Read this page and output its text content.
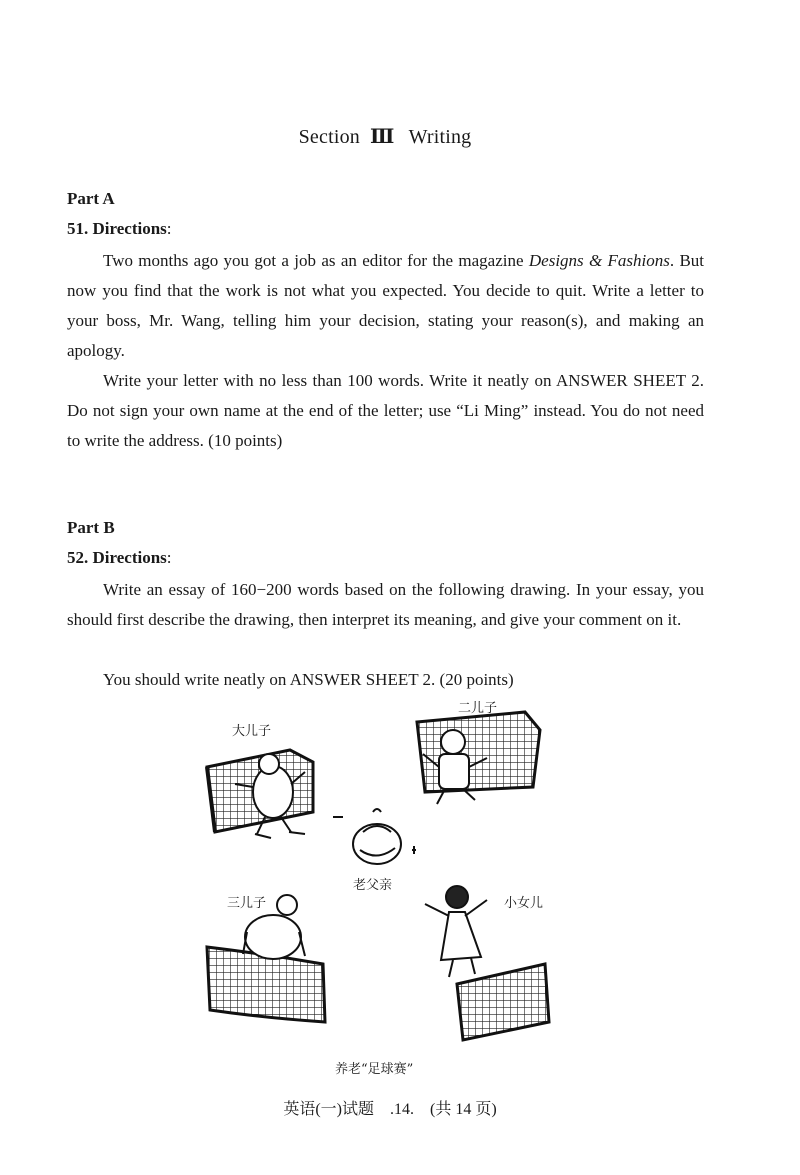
Section Ⅲ Writing
Part A
51. Directions:

Two months ago you got a job as an editor for the magazine Designs & Fashions. But now you find that the work is not what you expected. You decide to quit. Write a letter to your boss, Mr. Wang, telling him your decision, stating your reason(s), and making an apology.

Write your letter with no less than 100 words. Write it neatly on ANSWER SHEET 2. Do not sign your own name at the end of the letter; use “Li Ming” instead. You do not need to write the address. (10 points)

Part B
52. Directions:

Write an essay of 160−200 words based on the following drawing. In your essay, you should first describe the drawing, then interpret its meaning, and give your comment on it.

You should write neatly on ANSWER SHEET 2. (20 points)

大儿子
二儿子
老父亲
三儿子	小女儿
养老“足球赛”
英语(一)试题　.14.　(共 14 页)
